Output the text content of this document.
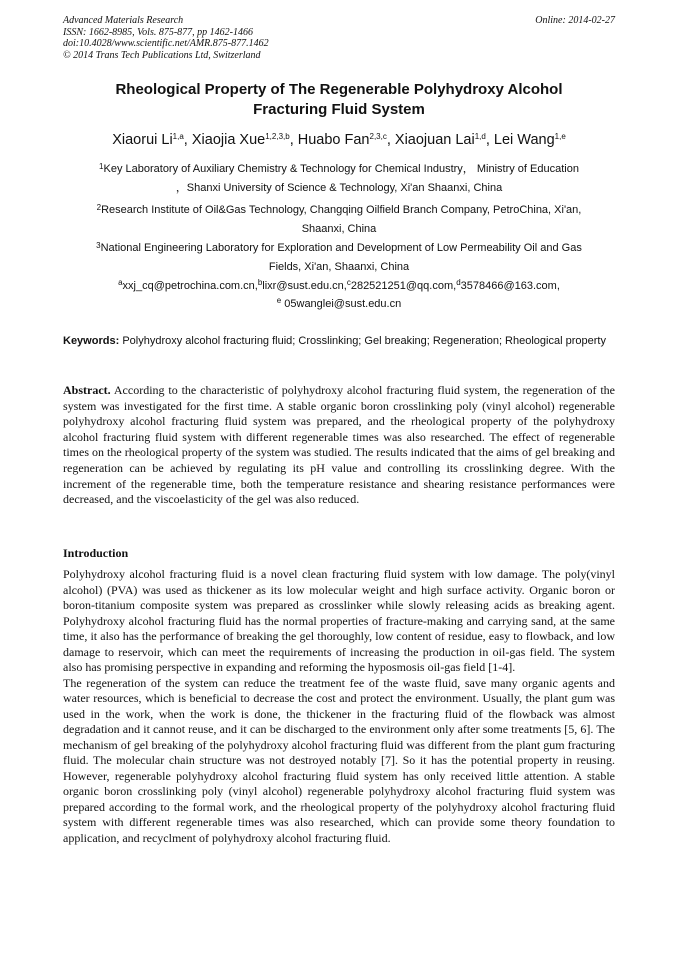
Advanced Materials Research
ISSN: 1662-8985, Vols. 875-877, pp 1462-1466
doi:10.4028/www.scientific.net/AMR.875-877.1462
© 2014 Trans Tech Publications Ltd, Switzerland
Online: 2014-02-27
Rheological Property of The Regenerable Polyhydroxy Alcohol
Fracturing Fluid System
Xiaorui Li$^{1,a}$, Xiaojia Xue$^{1,2,3,b}$, Huabo Fan$^{2,3,c}$, Xiaojuan Lai$^{1,d}$, Lei Wang$^{1,e}$
$^1$Key Laboratory of Auxiliary Chemistry & Technology for Chemical Industry， Ministry of Education
，Shanxi University of Science & Technology, Xi'an Shaanxi, China
$^2$Research Institute of Oil&Gas Technology, Changqing Oilfield Branch Company, PetroChina, Xi'an,
Shaanxi, China
$^3$National Engineering Laboratory for Exploration and Development of Low Permeability Oil and Gas
Fields, Xi'an, Shaanxi, China
$^a$xxj_cq@petrochina.com.cn,$^b$lixr@sust.edu.cn,$^c$282521251@qq.com,$^d$3578466@163.com,
$^e$ 05wanglei@sust.edu.cn
Keywords: Polyhydroxy alcohol fracturing fluid; Crosslinking; Gel breaking; Regeneration; Rheological property
Abstract. According to the characteristic of polyhydroxy alcohol fracturing fluid system, the regeneration of the system was investigated for the first time. A stable organic boron crosslinking poly (vinyl alcohol) regenerable polyhydroxy alcohol fracturing fluid system was prepared, and the rheological property of the polyhydroxy alcohol fracturing fluid system with different regenerable times was also researched. The effect of regenerable times on the rheological property of the system was studied. The results indicated that the aims of gel breaking and regeneration can be achieved by regulating its pH value and controlling its crosslinking degree. With the increment of the regenerable time, both the temperature resistance and shearing resistance performances were decreased, and the viscoelasticity of the gel was also reduced.
Introduction

Polyhydroxy alcohol fracturing fluid is a novel clean fracturing fluid system with low damage. The poly(vinyl alcohol) (PVA) was used as thickener as its low molecular weight and high surface activity. Organic boron or boron-titanium composite system was prepared as crosslinker while slowly releasing acids as breaking agent. Polyhydroxy alcohol fracturing fluid has the normal properties of fracture-making and carrying sand, at the same time, it also has the performance of breaking the gel thoroughly, low content of residue, easy to flowback, and low damage to reservoir, which can meet the requirements of increasing the production in oil-gas field. The system also has promising perspective in expanding and reforming the hyposmosis oil-gas field [1-4].

The regeneration of the system can reduce the treatment fee of the waste fluid, save many organic agents and water resources, which is beneficial to decrease the cost and protect the environment. Usually, the plant gum was used in the work, when the work is done, the thickener in the fracturing fluid of the flowback was almost degradation and it cannot reuse, and it can be discharged to the environment only after some treatments [5, 6]. The mechanism of gel breaking of the polyhydroxy alcohol fracturing fluid was different from the plant gum fracturing fluid. The molecular chain structure was not destroyed notably [7]. So it has the potential property in reusing. However, regenerable polyhydroxy alcohol fracturing fluid system has only received little attention. A stable organic boron crosslinking poly (vinyl alcohol) regenerable polyhydroxy alcohol fracturing fluid system was prepared according to the formal work, and the rheological property of the polyhydroxy alcohol fracturing fluid system with different regenerable times was also researched, which can provide some theory foundation to application, and recyclment of polyhydroxy alcohol fracturing fluid.
